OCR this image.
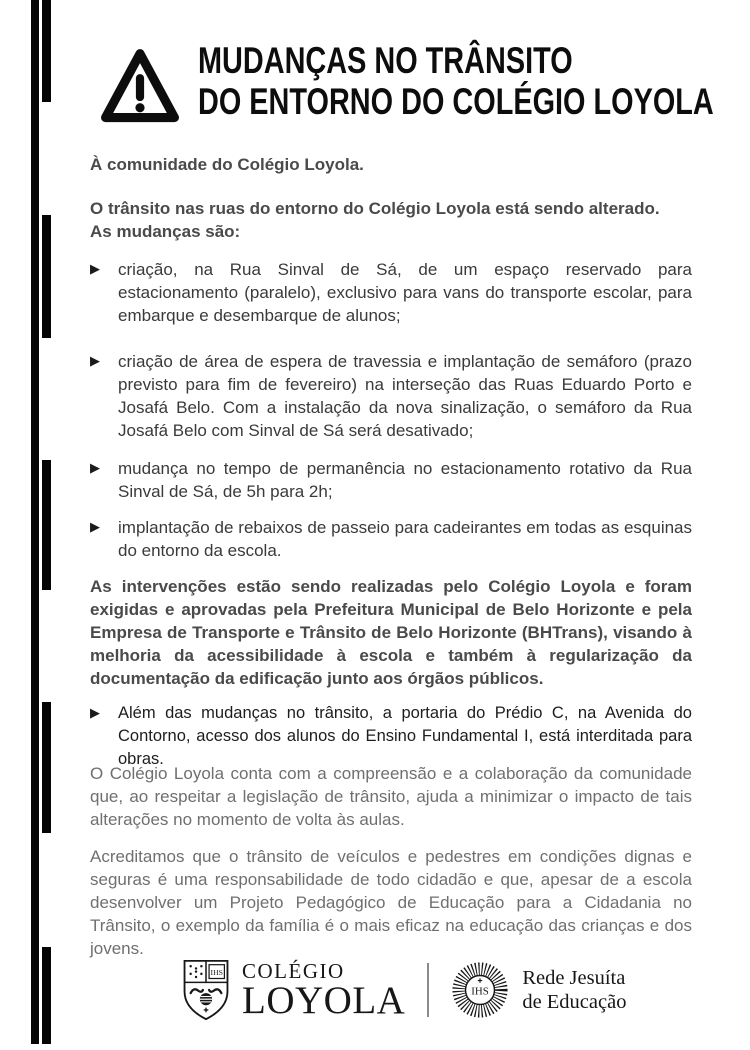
MUDANÇAS NO TRÂNSITO
DO ENTORNO DO COLÉGIO LOYOLA
À comunidade do Colégio Loyola.
O trânsito nas ruas do entorno do Colégio Loyola está sendo alterado.
As mudanças são:
▶	criação, na Rua Sinval de Sá, de um espaço reservado para estacionamento (paralelo), exclusivo para vans do transporte escolar, para embarque e desembarque de alunos;
▶	criação de área de espera de travessia e implantação de semáforo (prazo previsto para fim de fevereiro) na interseção das Ruas Eduardo Porto e Josafá Belo. Com a instalação da nova sinalização, o semáforo da Rua Josafá Belo com Sinval de Sá será desativado;
▶	mudança no tempo de permanência no estacionamento rotativo da Rua Sinval de Sá, de 5h para 2h;
▶	implantação de rebaixos de passeio para cadeirantes em todas as esquinas do entorno da escola.
As intervenções estão sendo realizadas pelo Colégio Loyola e foram exigidas e aprovadas pela Prefeitura Municipal de Belo Horizonte e pela Empresa de Transporte e Trânsito de Belo Horizonte (BHTrans), visando à melhoria da acessibilidade à escola e também à regularização da documentação da edificação junto aos órgãos públicos.
▶	Além das mudanças no trânsito, a portaria do Prédio C, na Avenida do Contorno, acesso dos alunos do Ensino Fundamental I, está interditada para obras.
O Colégio Loyola conta com a compreensão e a colaboração da comunidade que, ao respeitar a legislação de trânsito, ajuda a minimizar o impacto de tais alterações no momento de volta às aulas.
Acreditamos que o trânsito de veículos e pedestres em condições dignas e seguras é uma responsabilidade de todo cidadão e que, apesar de a escola desenvolver um Projeto Pedagógico de Educação para a Cidadania no Trânsito, o exemplo da família é o mais eficaz na educação das crianças e dos jovens.
IHS COLÉGIO
LOYOLA	IHS
Rede Jesuíta
de Educação
